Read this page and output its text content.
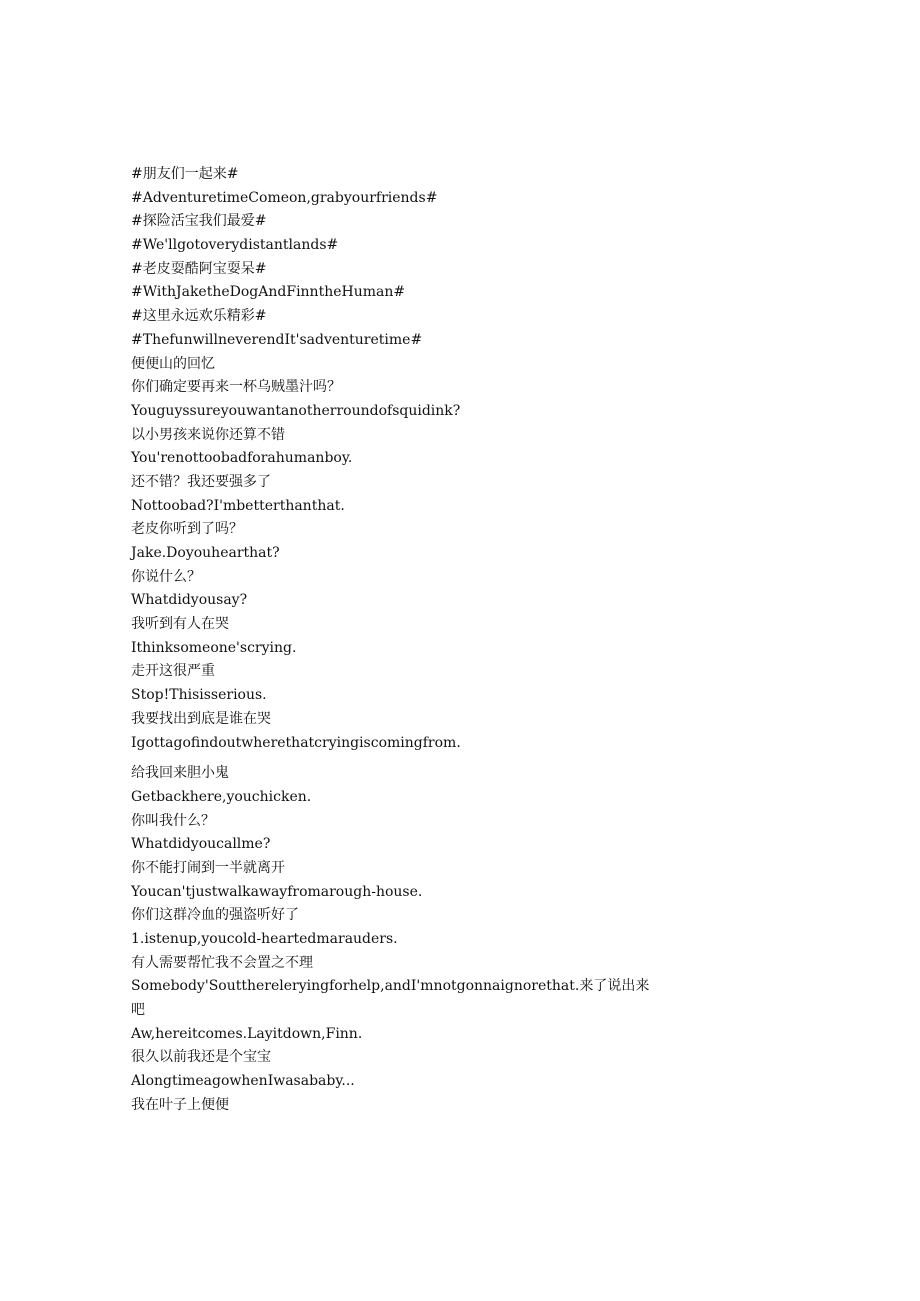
#朋友们一起来#
#AdventuretimeComeon,grabyourfriends#
#探险活宝我们最爱#
#We'llgotoverydistantlands#
#老皮耍酷阿宝耍呆#
#WithJaketheDogAndFinntheHuman#
#这里永远欢乐精彩#
#ThefunwillneverendIt'sadventuretime#
便便山的回忆
你们确定要再来一杯乌贼墨汁吗？
Youguyssureyouwantanotherroundofsquidink?
以小男孩来说你还算不错
You'renottoobadforahumanboy.
还不错？我还要强多了
Nottoobad?I'mbetterthanthat.
老皮你听到了吗？
Jake.Doyouhearthat?
你说什么？
Whatdidyousay?
我听到有人在哭
Ithinksomeone'scrying.
走开这很严重
Stop!Thisisserious.
我要找出到底是谁在哭
Igottagofindoutwherethatcryingiscomingfrom.
给我回来胆小鬼
Getbackhere,youchicken.
你叫我什么？
Whatdidyoucallme?
你不能打闹到一半就离开
Youcan'tjustwalkawayfromarough-house.
你们这群冷血的强盗听好了
1.istenup,youcold-heartedmarauders.
有人需要帮忙我不会置之不理
Somebody'Soutthereleryingforhelp,andI'mnotgonnaignorethat.来了说出来
吧
Aw,hereitcomes.Layitdown,Finn.
很久以前我还是个宝宝
AlongtimeagowhenIwasababy...
我在叶子上便便
